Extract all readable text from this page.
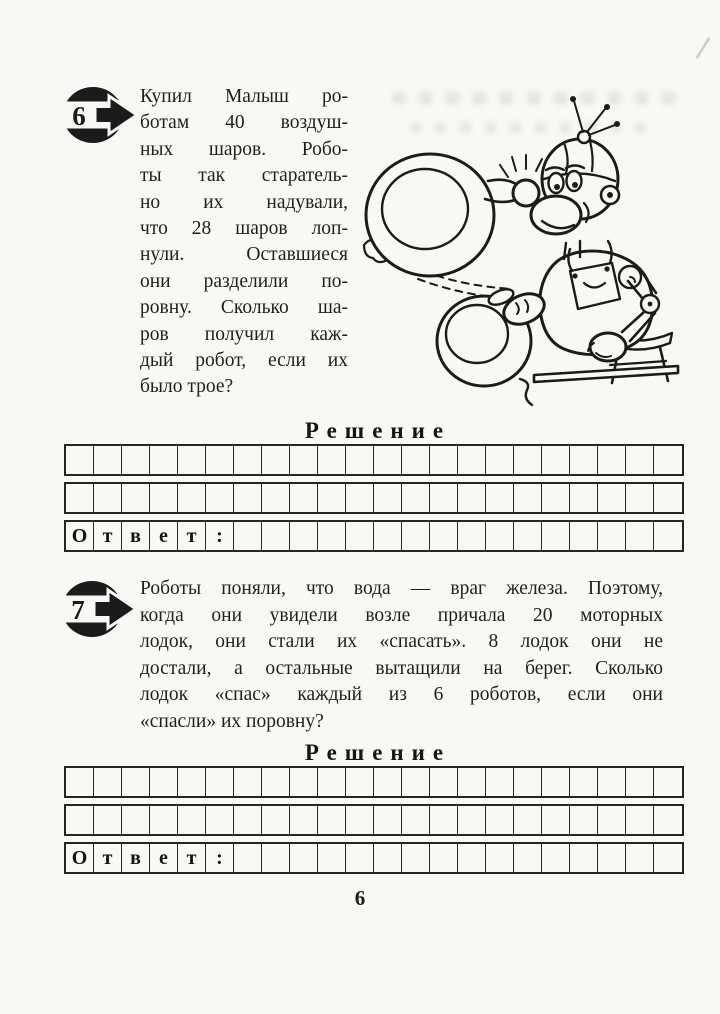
6
Купил Малыш ро-
ботам 40 воздуш-
ных шаров. Робо-
ты так старатель-
но их надували,
что 28 шаров лоп-
нули. Оставшиеся
они разделили по-
ровну. Сколько ша-
ров получил каж-
дый робот, если их
было трое?
Решение
О т в е т :
7
Роботы поняли, что вода — враг железа. Поэтому,
когда они увидели возле причала 20 моторных
лодок, они стали их «спасать». 8 лодок они не
достали, а остальные вытащили на берег. Сколько
лодок «спас» каждый из 6 роботов, если они
«спасли» их поровну?
Решение
О т в е т :
6
